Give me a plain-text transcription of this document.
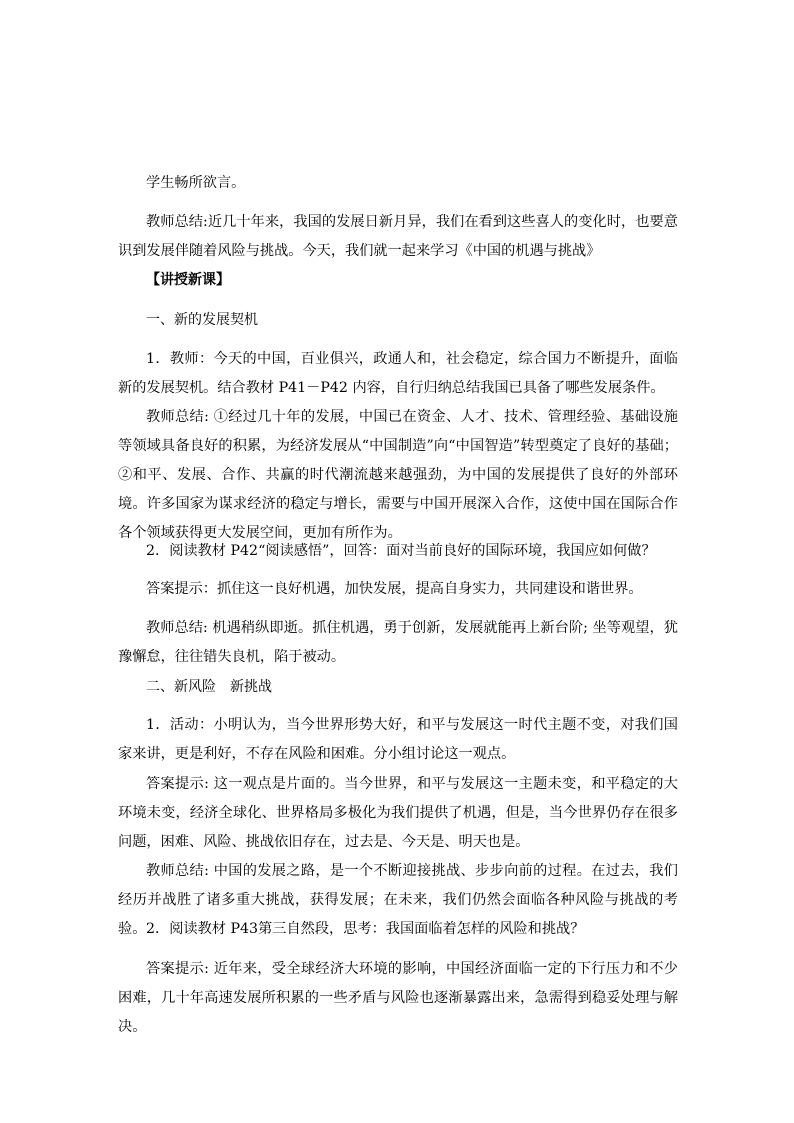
学生畅所欲言。

教师总结:近几十年来，我国的发展日新月异，我们在看到这些喜人的变化时，也要意识到发展伴随着风险与挑战。今天，我们就一起来学习《中国的机遇与挑战》

【讲授新课】

一、新的发展契机

1．教师：今天的中国，百业俱兴，政通人和，社会稳定，综合国力不断提升，面临新的发展契机。结合教材 P41－P42 内容，自行归纳总结我国已具备了哪些发展条件。

教师总结: ①经过几十年的发展，中国已在资金、人才、技术、管理经验、基础设施等领域具备良好的积累，为经济发展从“中国制造”向“中国智造”转型奠定了良好的基础；②和平、发展、合作、共赢的时代潮流越来越强劲，为中国的发展提供了良好的外部环境。许多国家为谋求经济的稳定与增长，需要与中国开展深入合作，这使中国在国际合作各个领域获得更大发展空间，更加有所作为。

2．阅读教材 P42“阅读感悟”，回答：面对当前良好的国际环境，我国应如何做？

答案提示：抓住这一良好机遇，加快发展，提高自身实力，共同建设和谐世界。

教师总结: 机遇稍纵即逝。抓住机遇，勇于创新，发展就能再上新台阶; 坐等观望，犹豫懈怠，往往错失良机，陷于被动。

二、新风险　新挑战

1．活动：小明认为，当今世界形势大好，和平与发展这一时代主题不变，对我们国家来讲，更是利好，不存在风险和困难。分小组讨论这一观点。

答案提示: 这一观点是片面的。当今世界，和平与发展这一主题未变，和平稳定的大环境未变，经济全球化、世界格局多极化为我们提供了机遇，但是，当今世界仍存在很多问题，困难、风险、挑战依旧存在，过去是、今天是、明天也是。

教师总结: 中国的发展之路，是一个不断迎接挑战、步步向前的过程。在过去，我们经历并战胜了诸多重大挑战，获得发展；在未来，我们仍然会面临各种风险与挑战的考验。 2．阅读教材 P43第三自然段，思考：我国面临着怎样的风险和挑战？

答案提示: 近年来，受全球经济大环境的影响，中国经济面临一定的下行压力和不少困难，几十年高速发展所积累的一些矛盾与风险也逐渐暴露出来，急需得到稳妥处理与解决。
